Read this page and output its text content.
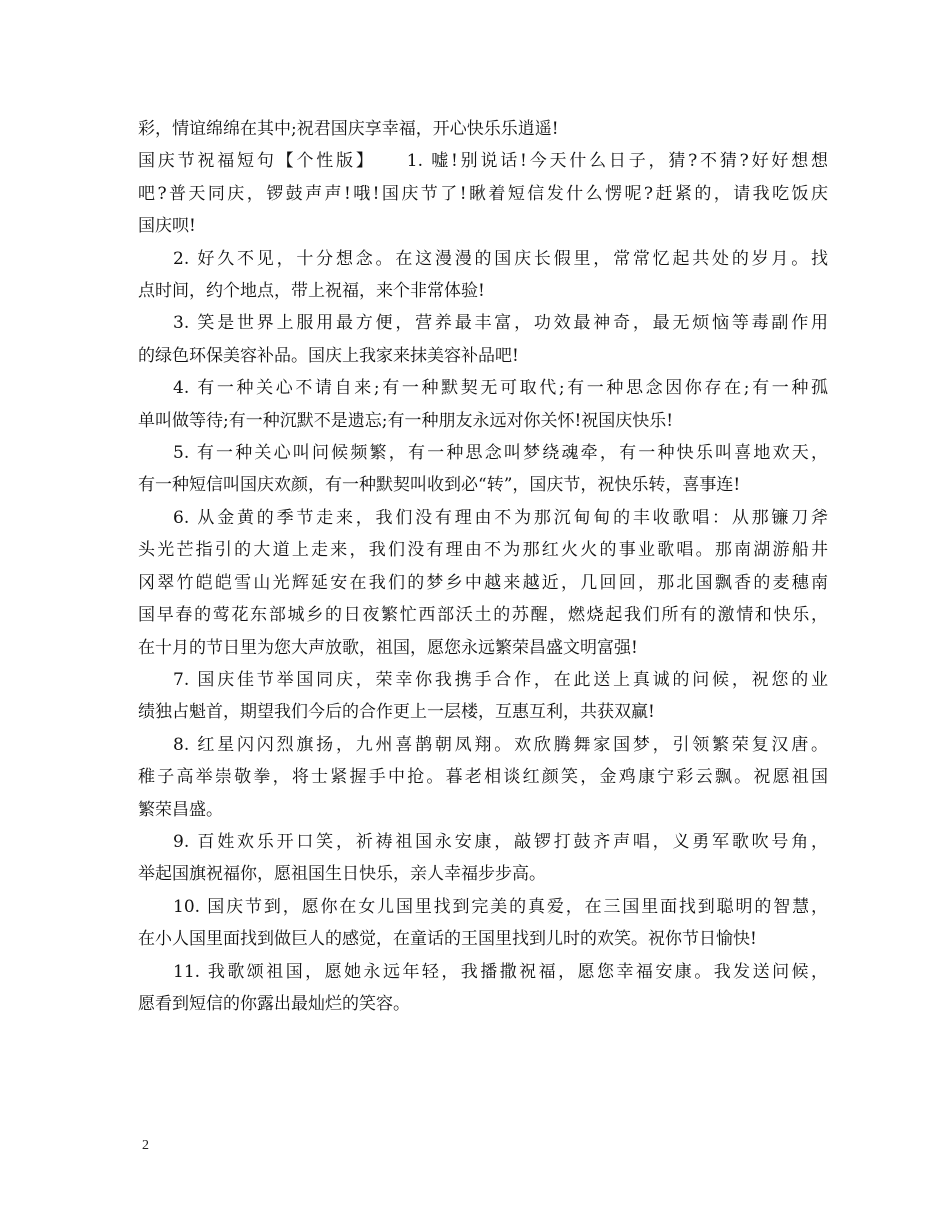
彩，情谊绵绵在其中;祝君国庆享幸福，开心快乐乐逍遥!
国庆节祝福短句【个性版】　　1. 嘘!别说话!今天什么日子，猜?不猜?好好想想
吧?普天同庆，锣鼓声声!哦!国庆节了!瞅着短信发什么愣呢?赶紧的，请我吃饭庆
国庆呗!
2. 好久不见，十分想念。在这漫漫的国庆长假里，常常忆起共处的岁月。找
点时间，约个地点，带上祝福，来个非常体验!
3. 笑是世界上服用最方便，营养最丰富，功效最神奇，最无烦恼等毒副作用
的绿色环保美容补品。国庆上我家来抹美容补品吧!
4. 有一种关心不请自来;有一种默契无可取代;有一种思念因你存在;有一种孤
单叫做等待;有一种沉默不是遗忘;有一种朋友永远对你关怀!祝国庆快乐!
5. 有一种关心叫问候频繁，有一种思念叫梦绕魂牵，有一种快乐叫喜地欢天，
有一种短信叫国庆欢颜，有一种默契叫收到必“转”，国庆节，祝快乐转，喜事连!
6. 从金黄的季节走来，我们没有理由不为那沉甸甸的丰收歌唱：从那镰刀斧
头光芒指引的大道上走来，我们没有理由不为那红火火的事业歌唱。那南湖游船井
冈翠竹皑皑雪山光辉延安在我们的梦乡中越来越近，几回回，那北国飘香的麦穗南
国早春的莺花东部城乡的日夜繁忙西部沃土的苏醒，燃烧起我们所有的激情和快乐，
在十月的节日里为您大声放歌，祖国，愿您永远繁荣昌盛文明富强!
7. 国庆佳节举国同庆，荣幸你我携手合作，在此送上真诚的问候，祝您的业
绩独占魁首，期望我们今后的合作更上一层楼，互惠互利，共获双赢!
8. 红星闪闪烈旗扬，九州喜鹊朝凤翔。欢欣腾舞家国梦，引领繁荣复汉唐。
稚子高举崇敬拳，将士紧握手中抢。暮老相谈红颜笑，金鸡康宁彩云飘。祝愿祖国
繁荣昌盛。
9. 百姓欢乐开口笑，祈祷祖国永安康，敲锣打鼓齐声唱，义勇军歌吹号角，
举起国旗祝福你，愿祖国生日快乐，亲人幸福步步高。
10. 国庆节到，愿你在女儿国里找到完美的真爱，在三国里面找到聪明的智慧，
在小人国里面找到做巨人的感觉，在童话的王国里找到儿时的欢笑。祝你节日愉快!
11. 我歌颂祖国，愿她永远年轻，我播撒祝福，愿您幸福安康。我发送问候，
愿看到短信的你露出最灿烂的笑容。
2
